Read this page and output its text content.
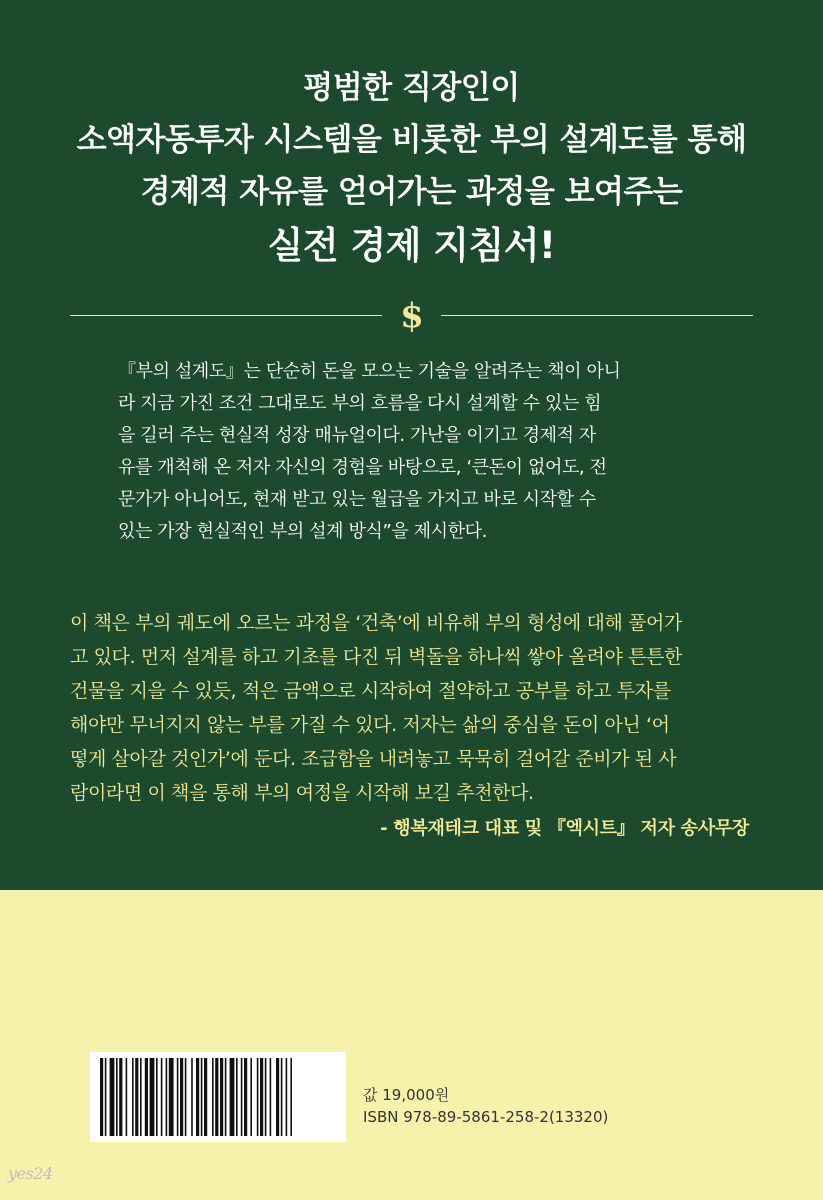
평범한 직장인이
소액자동투자 시스템을 비롯한 부의 설계도를 통해
경제적 자유를 얻어가는 과정을 보여주는
실전 경제 지침서!
$
『부의 설계도』는 단순히 돈을 모으는 기술을 알려주는 책이 아니
라 지금 가진 조건 그대로도 부의 흐름을 다시 설계할 수 있는 힘
을 길러 주는 현실적 성장 매뉴얼이다. 가난을 이기고 경제적 자
유를 개척해 온 저자 자신의 경험을 바탕으로, ‘큰돈이 없어도, 전
문가가 아니어도, 현재 받고 있는 월급을 가지고 바로 시작할 수
있는 가장 현실적인 부의 설계 방식”을 제시한다.
이 책은 부의 궤도에 오르는 과정을 ‘건축’에 비유해 부의 형성에 대해 풀어가
고 있다. 먼저 설계를 하고 기초를 다진 뒤 벽돌을 하나씩 쌓아 올려야 튼튼한
건물을 지을 수 있듯, 적은 금액으로 시작하여 절약하고 공부를 하고 투자를
해야만 무너지지 않는 부를 가질 수 있다. 저자는 삶의 중심을 돈이 아닌 ‘어
떻게 살아갈 것인가’에 둔다. 조급함을 내려놓고 묵묵히 걸어갈 준비가 된 사
람이라면 이 책을 통해 부의 여정을 시작해 보길 추천한다.
- 행복재테크 대표 및 『엑시트』 저자 송사무장
값 19,000원
ISBN 978-89-5861-258-2(13320)
yes24
